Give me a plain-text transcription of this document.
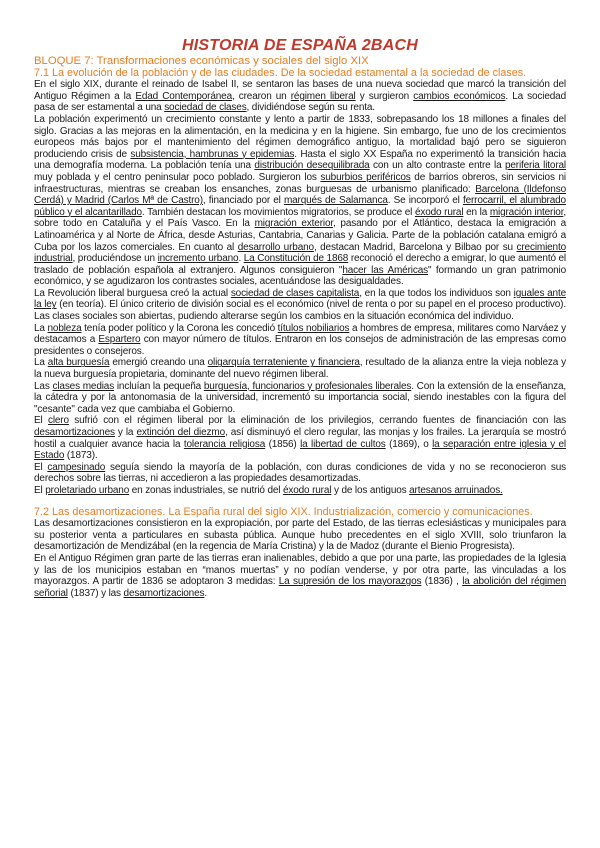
HISTORIA DE ESPAÑA 2BACH
BLOQUE 7: Transformaciones económicas y sociales del siglo XIX
7.1 La evolución de la población y de las ciudades. De la sociedad estamental a la sociedad de clases.
En el siglo XIX, durante el reinado de Isabel II, se sentaron las bases de una nueva sociedad que marcó la transición del Antiguo Régimen a la Edad Contemporánea, crearon un régimen liberal y surgieron cambios económicos. La sociedad pasa de ser estamental a una sociedad de clases, dividiéndose según su renta.
La población experimentó un crecimiento constante y lento a partir de 1833, sobrepasando los 18 millones a finales del siglo. Gracias a las mejoras en la alimentación, en la medicina y en la higiene. Sin embargo, fue uno de los crecimientos europeos más bajos por el mantenimiento del régimen demográfico antiguo, la mortalidad bajó pero se siguieron produciendo crisis de subsistencia, hambrunas y epidemias. Hasta el siglo XX España no experimentó la transición hacia una demografía moderna. La población tenía una distribución desequilibrada con un alto contraste entre la periferia litoral muy poblada y el centro peninsular poco poblado. Surgieron los suburbios periféricos de barrios obreros, sin servicios ni infraestructuras, mientras se creaban los ensanches, zonas burguesas de urbanismo planificado: Barcelona (Ildefonso Cerdá) y Madrid (Carlos Mª de Castro), financiado por el marqués de Salamanca. Se incorporó el ferrocarril, el alumbrado público y el alcantarillado. También destacan los movimientos migratorios, se produce el éxodo rural en la migración interior, sobre todo en Cataluña y el País Vasco. En la migración exterior, pasando por el Atlántico, destaca la emigración a Latinoamérica y al Norte de África, desde Asturias, Cantabria, Canarias y Galicia. Parte de la población catalana emigró a Cuba por los lazos comerciales. En cuanto al desarrollo urbano, destacan Madrid, Barcelona y Bilbao por su crecimiento industrial, produciéndose un incremento urbano. La Constitución de 1868 reconoció el derecho a emigrar, lo que aumentó el traslado de población española al extranjero. Algunos consiguieron "hacer las Américas" formando un gran patrimonio económico, y se agudizaron los contrastes sociales, acentuándose las desigualdades.
La Revolución liberal burguesa creó la actual sociedad de clases capitalista, en la que todos los individuos son iguales ante la ley (en teoría). El único criterio de división social es el económico (nivel de renta o por su papel en el proceso productivo). Las clases sociales son abiertas, pudiendo alterarse según los cambios en la situación económica del individuo.
La nobleza tenía poder político y la Corona les concedió títulos nobiliarios a hombres de empresa, militares como Narváez y destacamos a Espartero con mayor número de títulos. Entraron en los consejos de administración de las empresas como presidentes o consejeros.
La alta burguesía emergió creando una oligarquía terrateniente y financiera, resultado de la alianza entre la vieja nobleza y la nueva burguesía propietaria, dominante del nuevo régimen liberal.
Las clases medias incluían la pequeña burguesía, funcionarios y profesionales liberales. Con la extensión de la enseñanza, la cátedra y por la antonomasia de la universidad, incrementó su importancia social, siendo inestables con la figura del "cesante" cada vez que cambiaba el Gobierno.
El clero sufrió con el régimen liberal por la eliminación de los privilegios, cerrando fuentes de financiación con las desamortizaciones y la extinción del diezmo, así disminuyó el clero regular, las monjas y los frailes. La jerarquía se mostró hostil a cualquier avance hacia la tolerancia religiosa (1856) la libertad de cultos (1869), o la separación entre iglesia y el Estado (1873).
El campesinado seguía siendo la mayoría de la población, con duras condiciones de vida y no se reconocieron sus derechos sobre las tierras, ni accedieron a las propiedades desamortizadas.
El proletariado urbano en zonas industriales, se nutrió del éxodo rural y de los antiguos artesanos arruinados.
7.2 Las desamortizaciones. La España rural del siglo XIX. Industrialización, comercio y comunicaciones.
Las desamortizaciones consistieron en la expropiación, por parte del Estado, de las tierras eclesiásticas y municipales para su posterior venta a particulares en subasta pública. Aunque hubo precedentes en el siglo XVIII, solo triunfaron la desamortización de Mendizábal (en la regencia de María Cristina) y la de Madoz (durante el Bienio Progresista).
En el Antiguo Régimen gran parte de las tierras eran inalienables, debido a que por una parte, las propiedades de la Iglesia y las de los municipios estaban en “manos muertas” y no podían venderse, y por otra parte, las vinculadas a los mayorazgos. A partir de 1836 se adoptaron 3 medidas: La supresión de los mayorazgos (1836) , la abolición del régimen señorial (1837) y las desamortizaciones.
